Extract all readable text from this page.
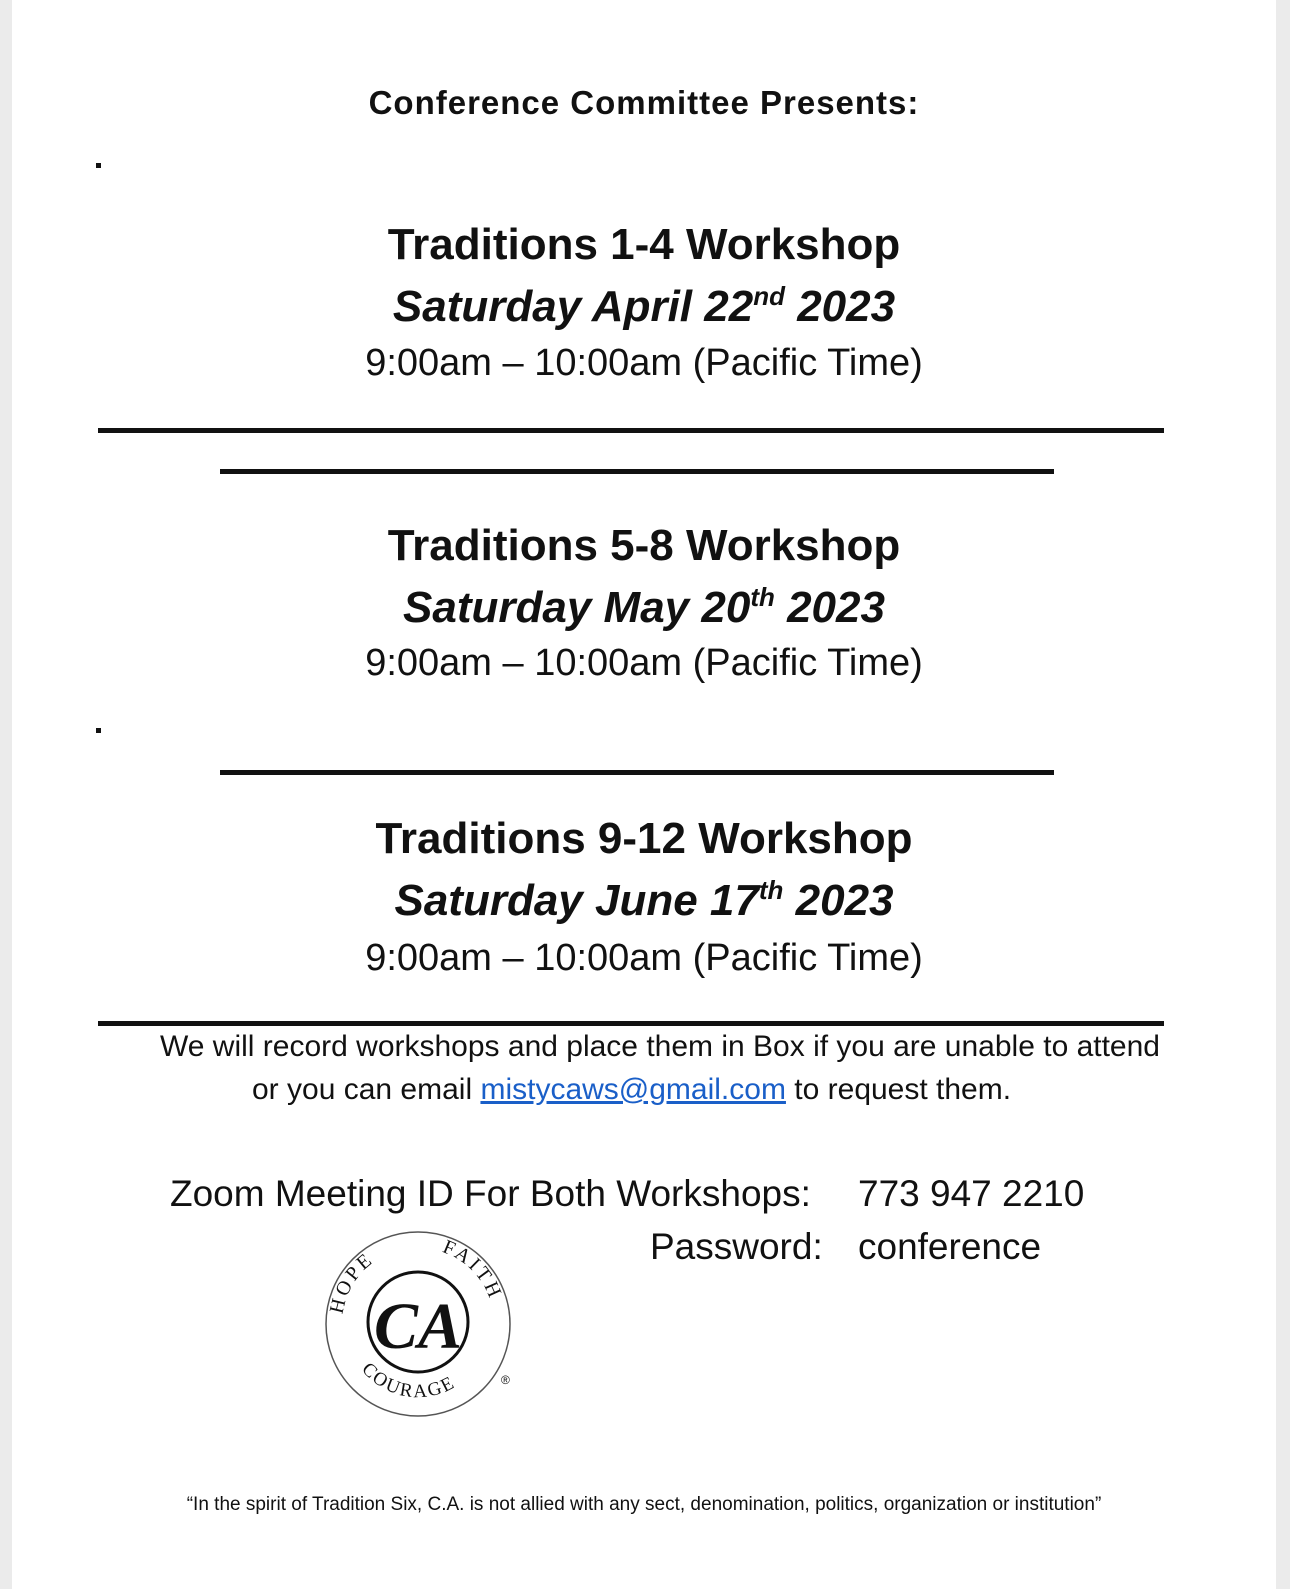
Conference Committee Presents:
Traditions 1-4 Workshop
Saturday April 22nd 2023
9:00am – 10:00am (Pacific Time)
Traditions 5-8 Workshop
Saturday May 20th 2023
9:00am – 10:00am (Pacific Time)
Traditions 9-12 Workshop
Saturday June 17th 2023
9:00am – 10:00am (Pacific Time)
We will record workshops and place them in Box if you are unable to attend
or you can email mistycaws@gmail.com to request them.
Zoom Meeting ID For Both Workshops: 773 947 2210
Password: conference
HOPE	FAITH
COURAGE
CA
®
“In the spirit of Tradition Six, C.A. is not allied with any sect, denomination, politics, organization or institution”
